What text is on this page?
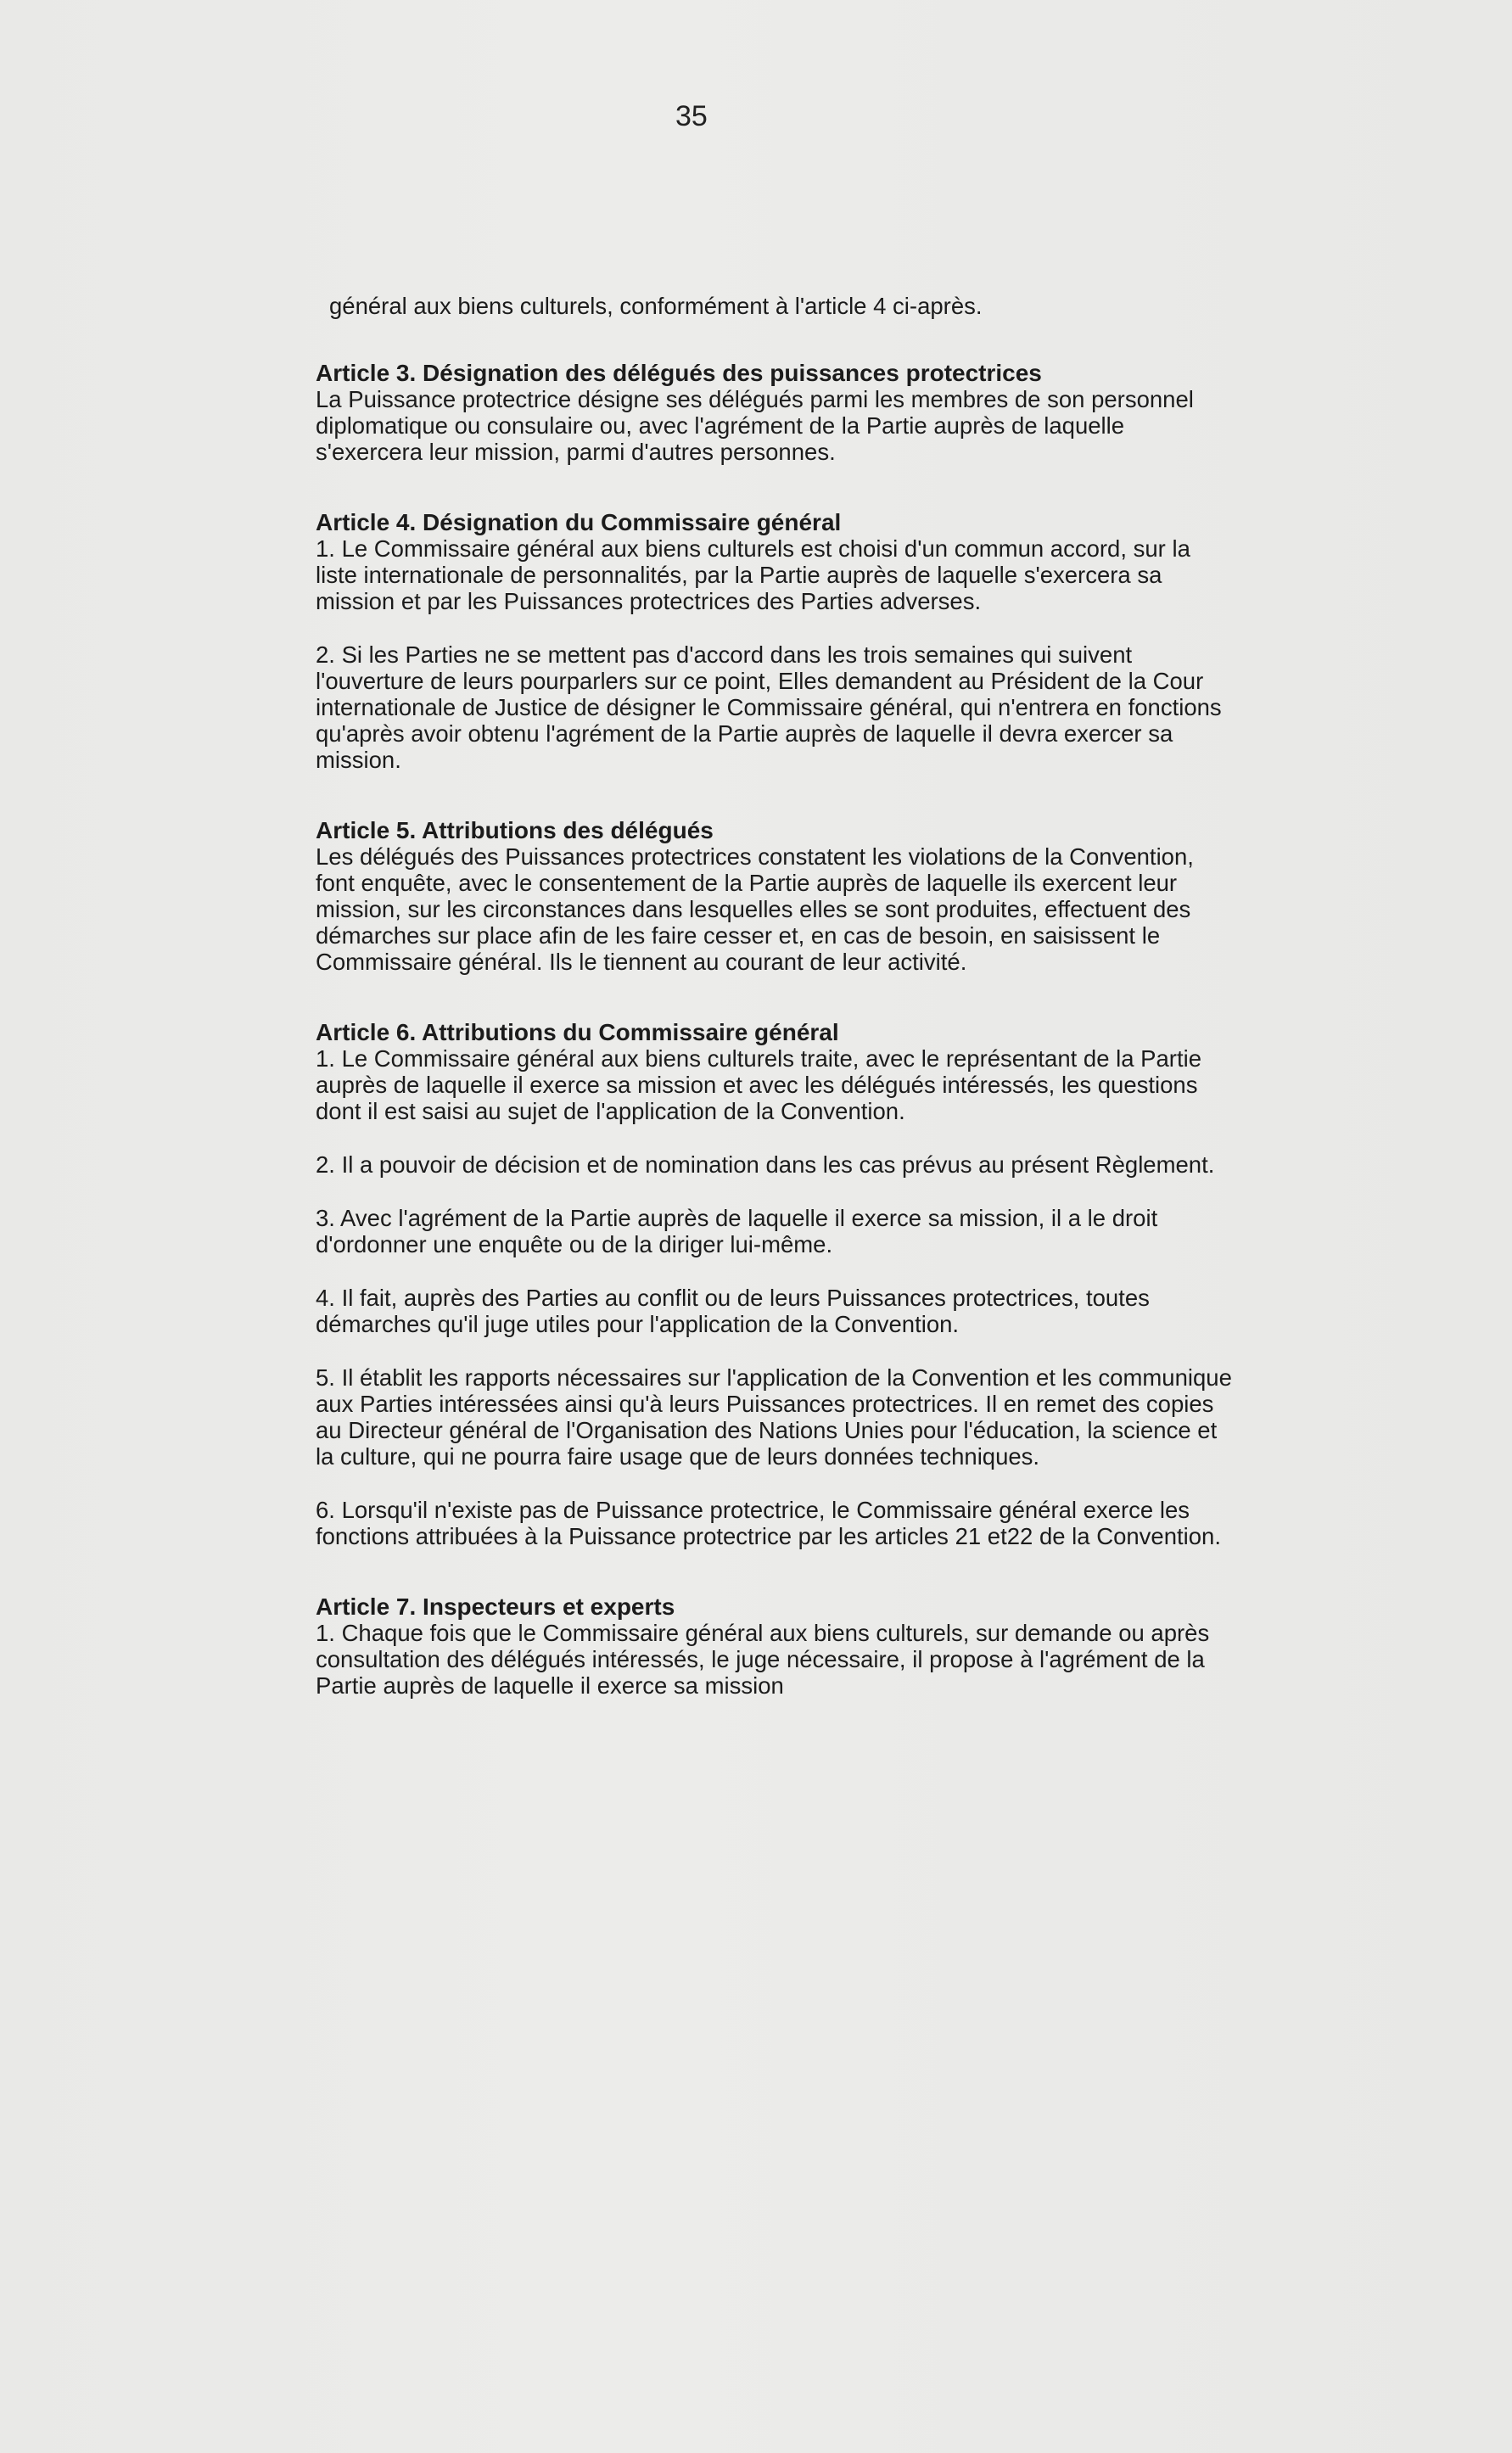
35

général aux biens culturels, conformément à l'article 4 ci-après.

Article 3. Désignation des délégués des puissances protectrices

La Puissance protectrice désigne ses délégués parmi les membres de son personnel diplomatique ou consulaire ou, avec l'agrément de la Partie auprès de laquelle s'exercera leur mission, parmi d'autres personnes.

Article 4. Désignation du Commissaire général

1. Le Commissaire général aux biens culturels est choisi d'un commun accord, sur la liste internationale de personnalités, par la Partie auprès de laquelle s'exercera sa mission et par les Puissances protectrices des Parties adverses.

2. Si les Parties ne se mettent pas d'accord dans les trois semaines qui suivent l'ouverture de leurs pourparlers sur ce point, Elles demandent au Président de la Cour internationale de Justice de désigner le Commissaire général, qui n'entrera en fonctions qu'après avoir obtenu l'agrément de la Partie auprès de laquelle il devra exercer sa mission.

Article 5. Attributions des délégués

Les délégués des Puissances protectrices constatent les violations de la Convention, font enquête, avec le consentement de la Partie auprès de laquelle ils exercent leur mission, sur les circonstances dans lesquelles elles se sont produites, effectuent des démarches sur place afin de les faire cesser et, en cas de besoin, en saisissent le Commissaire général. Ils le tiennent au courant de leur activité.

Article 6. Attributions du Commissaire général

1. Le Commissaire général aux biens culturels traite, avec le représentant de la Partie auprès de laquelle il exerce sa mission et avec les délégués intéressés, les questions dont il est saisi au sujet de l'application de la Convention.

2. Il a pouvoir de décision et de nomination dans les cas prévus au présent Règlement.

3. Avec l'agrément de la Partie auprès de laquelle il exerce sa mission, il a le droit d'ordonner une enquête ou de la diriger lui-même.

4. Il fait, auprès des Parties au conflit ou de leurs Puissances protectrices, toutes démarches qu'il juge utiles pour l'application de la Convention.

5. Il établit les rapports nécessaires sur l'application de la Convention et les communique aux Parties intéressées ainsi qu'à leurs Puissances protectrices. Il en remet des copies au Directeur général de l'Organisation des Nations Unies pour l'éducation, la science et la culture, qui ne pourra faire usage que de leurs données techniques.

6. Lorsqu'il n'existe pas de Puissance protectrice, le Commissaire général exerce les fonctions attribuées à la Puissance protectrice par les articles 21 et22 de la Convention.

Article 7. Inspecteurs et experts

1. Chaque fois que le Commissaire général aux biens culturels, sur demande ou après consultation des délégués intéressés, le juge nécessaire, il propose à l'agrément de la Partie auprès de laquelle il exerce sa mission
